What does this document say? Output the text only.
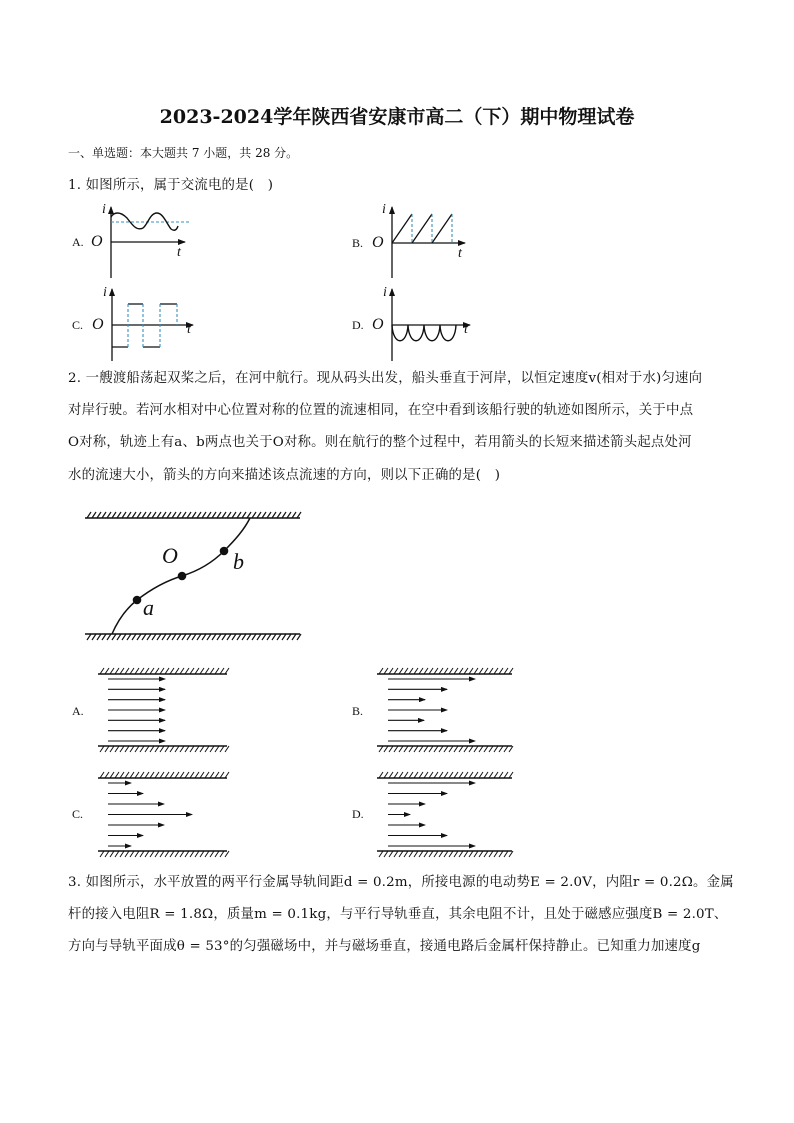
2023-2024学年陕西省安康市高二（下）期中物理试卷
一、单选题：本大题共 7 小题，共 28 分。
1. 如图所示，属于交流电的是(　)
A.	B.
C.	D.
i
O
t
i
O
t
i
O	t
i
O	t
2. 一艘渡船荡起双桨之后，在河中航行。现从码头出发，船头垂直于河岸，以恒定速度v(相对于水)匀速向
对岸行驶。若河水相对中心位置对称的位置的流速相同，在空中看到该船行驶的轨迹如图所示，关于中点
O对称，轨迹上有a、b两点也关于O对称。则在航行的整个过程中，若用箭头的长短来描述箭头起点处河
水的流速大小，箭头的方向来描述该点流速的方向，则以下正确的是(　)
O	b
a
A.	B.
C.	D.
3. 如图所示，水平放置的两平行金属导轨间距d = 0.2m，所接电源的电动势E = 2.0V，内阻r = 0.2Ω。金属
杆的接入电阻R = 1.8Ω，质量m = 0.1kg，与平行导轨垂直，其余电阻不计，且处于磁感应强度B = 2.0T、
方向与导轨平面成θ = 53°的匀强磁场中，并与磁场垂直，接通电路后金属杆保持静止。已知重力加速度g
